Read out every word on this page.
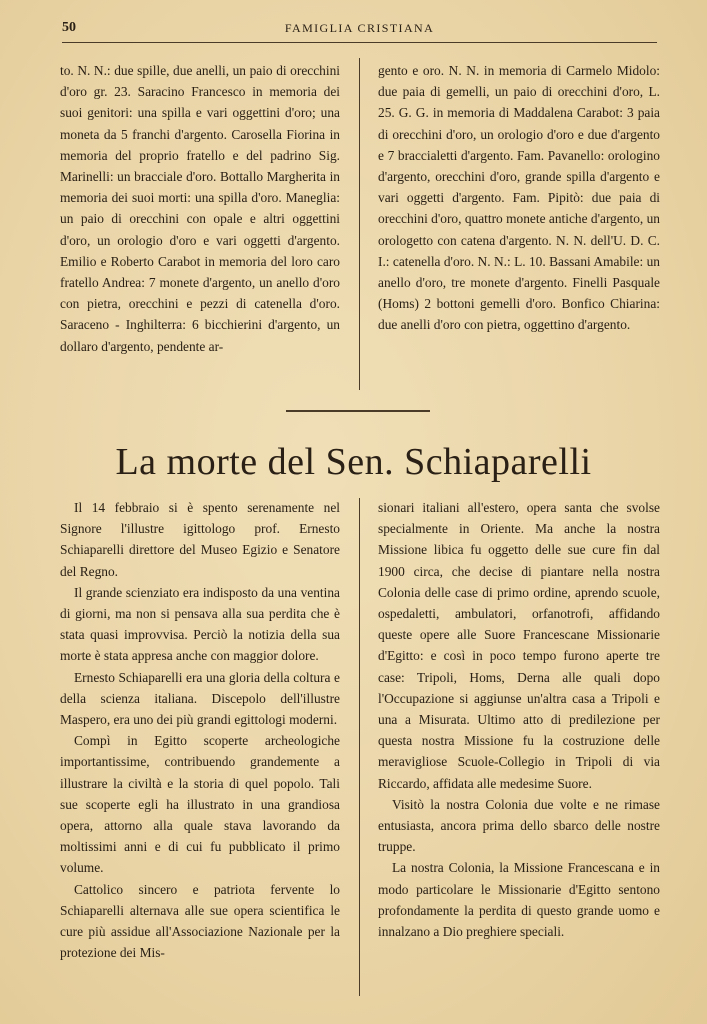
50	FAMIGLIA CRISTIANA

to. N. N.: due spille, due anelli, un paio di orecchini d'oro gr. 23. Saracino Francesco in memoria dei suoi genitori: una spilla e vari oggettini d'oro; una moneta da 5 franchi d'argento. Carosella Fiorina in memoria del proprio fratello e del padrino Sig. Marinelli: un bracciale d'oro. Bottallo Margherita in memoria dei suoi morti: una spilla d'oro. Maneglia: un paio di orecchini con opale e altri oggettini d'oro, un orologio d'oro e vari oggetti d'argento. Emilio e Roberto Carabot in memoria del loro caro fratello Andrea: 7 monete d'argento, un anello d'oro con pietra, orecchini e pezzi di catenella d'oro. Saraceno - Inghilterra: 6 bicchierini d'argento, un dollaro d'argento, pendente ar-

gento e oro. N. N. in memoria di Carmelo Midolo: due paia di gemelli, un paio di orecchini d'oro, L. 25. G. G. in memoria di Maddalena Carabot: 3 paia di orecchini d'oro, un orologio d'oro e due d'argento e 7 braccialetti d'argento. Fam. Pavanello: orologino d'argento, orecchini d'oro, grande spilla d'argento e vari oggetti d'argento. Fam. Pipitò: due paia di orecchini d'oro, quattro monete antiche d'argento, un orologetto con catena d'argento. N. N. dell'U. D. C. I.: catenella d'oro. N. N.: L. 10. Bassani Amabile: un anello d'oro, tre monete d'argento. Finelli Pasquale (Homs) 2 bottoni gemelli d'oro. Bonfico Chiarina: due anelli d'oro con pietra, oggettino d'argento.

La morte del Sen. Schiaparelli

Il 14 febbraio si è spento serenamente nel Signore l'illustre igittologo prof. Ernesto Schiaparelli direttore del Museo Egizio e Senatore del Regno.

Il grande scienziato era indisposto da una ventina di giorni, ma non si pensava alla sua perdita che è stata quasi improvvisa. Perciò la notizia della sua morte è stata appresa anche con maggior dolore.

Ernesto Schiaparelli era una gloria della coltura e della scienza italiana. Discepolo dell'illustre Maspero, era uno dei più grandi egittologi moderni.

Compì in Egitto scoperte archeologiche importantissime, contribuendo grandemente a illustrare la civiltà e la storia di quel popolo. Tali sue scoperte egli ha illustrato in una grandiosa opera, attorno alla quale stava lavorando da moltissimi anni e di cui fu pubblicato il primo volume.

Cattolico sincero e patriota fervente lo Schiaparelli alternava alle sue opera scientifica le cure più assidue all'Associazione Nazionale per la protezione dei Mis-

sionari italiani all'estero, opera santa che svolse specialmente in Oriente. Ma anche la nostra Missione libica fu oggetto delle sue cure fin dal 1900 circa, che decise di piantare nella nostra Colonia delle case di primo ordine, aprendo scuole, ospedaletti, ambulatori, orfanotrofi, affidando queste opere alle Suore Francescane Missionarie d'Egitto: e così in poco tempo furono aperte tre case: Tripoli, Homs, Derna alle quali dopo l'Occupazione si aggiunse un'altra casa a Tripoli e una a Misurata. Ultimo atto di predilezione per questa nostra Missione fu la costruzione delle meravigliose Scuole-Collegio in Tripoli di via Riccardo, affidata alle medesime Suore.

Visitò la nostra Colonia due volte e ne rimase entusiasta, ancora prima dello sbarco delle nostre truppe.

La nostra Colonia, la Missione Francescana e in modo particolare le Missionarie d'Egitto sentono profondamente la perdita di questo grande uomo e innalzano a Dio preghiere speciali.
